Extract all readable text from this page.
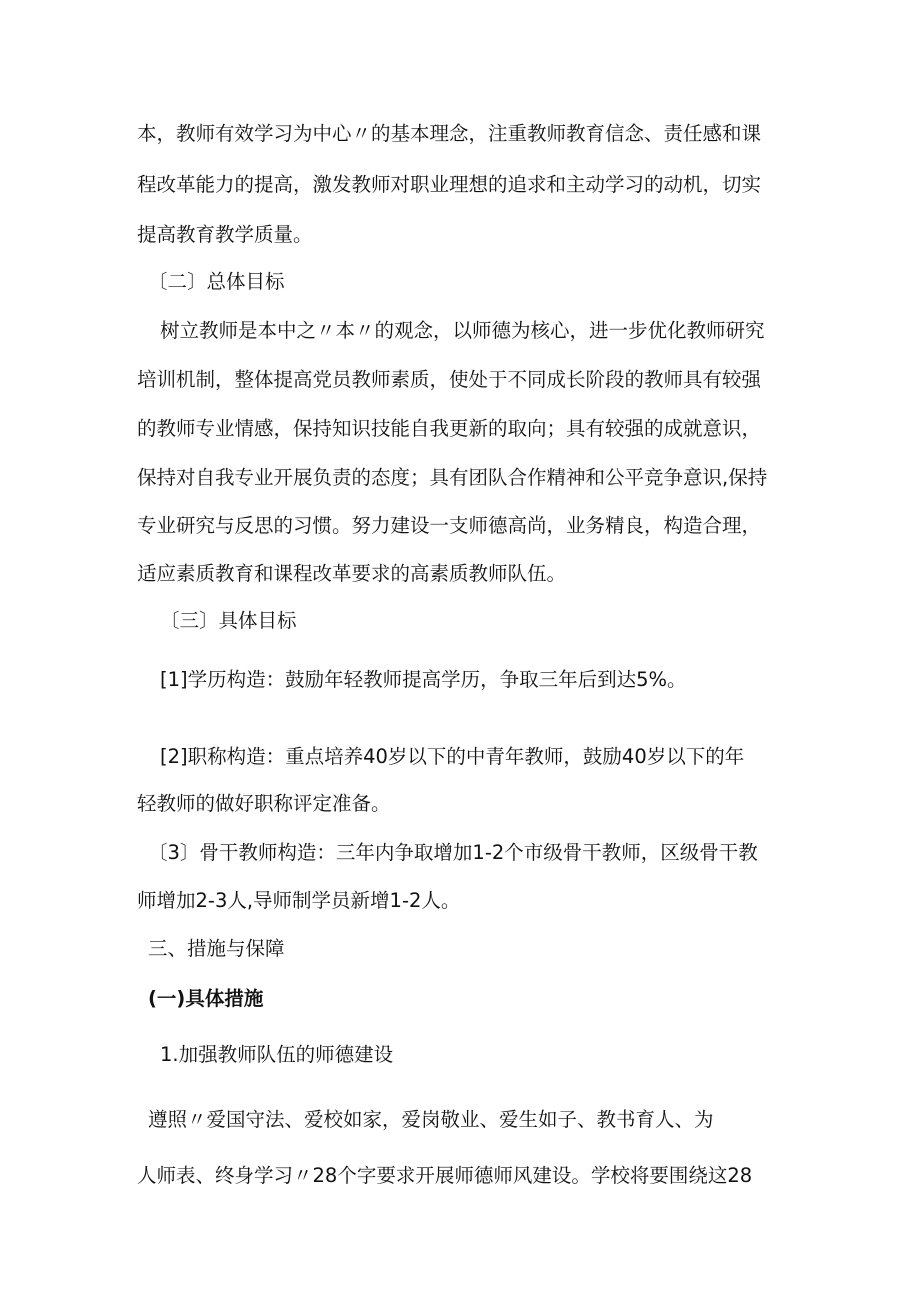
本，教师有效学习为中心〃的基本理念，注重教师教育信念、责任感和课
程改革能力的提高，激发教师对职业理想的追求和主动学习的动机，切实
提高教育教学质量。
〔二〕总体目标
树立教师是本中之〃本〃的观念，以师德为核心，进一步优化教师研究
培训机制，整体提高党员教师素质，使处于不同成长阶段的教师具有较强
的教师专业情感，保持知识技能自我更新的取向；具有较强的成就意识，
保持对自我专业开展负责的态度；具有团队合作精神和公平竞争意识,保持
专业研究与反思的习惯。努力建设一支师德高尚，业务精良，构造合理，
适应素质教育和课程改革要求的高素质教师队伍。
〔三〕具体目标
[1]学历构造：鼓励年轻教师提高学历，争取三年后到达5%。
[2]职称构造：重点培养40岁以下的中青年教师，鼓励40岁以下的年
轻教师的做好职称评定准备。
〔3〕骨干教师构造：三年内争取增加1-2个市级骨干教师，区级骨干教
师增加2-3人,导师制学员新增1-2人。
三、措施与保障
(一)具体措施
1.加强教师队伍的师德建设
遵照〃爱国守法、爱校如家，爱岗敬业、爱生如子、教书育人、为
人师表、终身学习〃28个字要求开展师德师风建设。学校将要围绕这28
